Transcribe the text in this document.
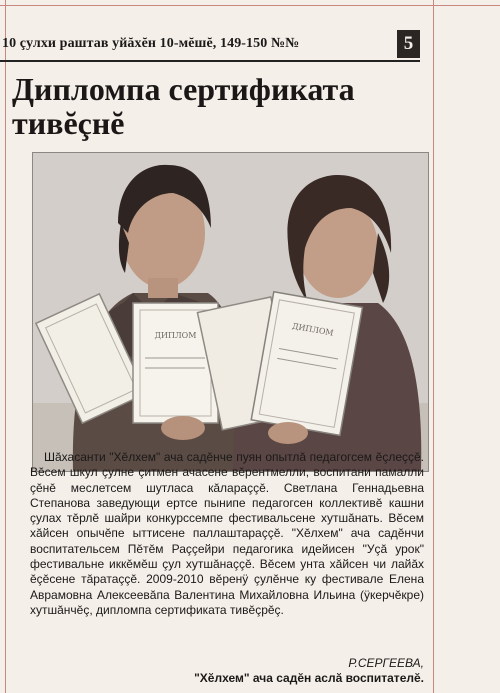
10 çулхи раштав уйăхĕн 10-мĕшĕ, 149-150 №№	5
Дипломпа сертификата тивĕçнĕ
ДИПЛОМ	ДИПЛОМ
Шăхасанти "Хĕлхем" ача садĕнче пуян опытлă педагогсем ĕçлеççĕ. Вĕсем шкул çулне çитмен ачасене вĕрентмелли, воспитани памалли çĕнĕ меслетсем шутласа кăлараççĕ. Светлана Геннадьевна Степанова заведующи ертсе пынипе педагогсен коллективĕ кашни çулах тĕрлĕ шайри конкурссемпе фестивальсене хутшăнать. Вĕсем хăйсен опычĕпе ыттисене паллаштараççĕ. "Хĕлхем" ача садĕнчи воспитательсем Пĕтĕм Раççейри педагогика идейисен "Уçă урок" фестивальне иккĕмĕш çул хутшăнаççĕ. Вĕсем унта хăйсен чи лайăх ĕçĕсене тăратаççĕ. 2009-2010 вĕренÿ çулĕнче ку фестивале Елена Аврамовна Алексеевăпа Валентина Михайловна Ильина (ÿкерчĕкре) хутшăнчĕç, дипломпа сертификата тивĕçрĕç.
Р.СЕРГЕЕВА,
"Хĕлхем" ача садĕн аслă воспитателĕ.
